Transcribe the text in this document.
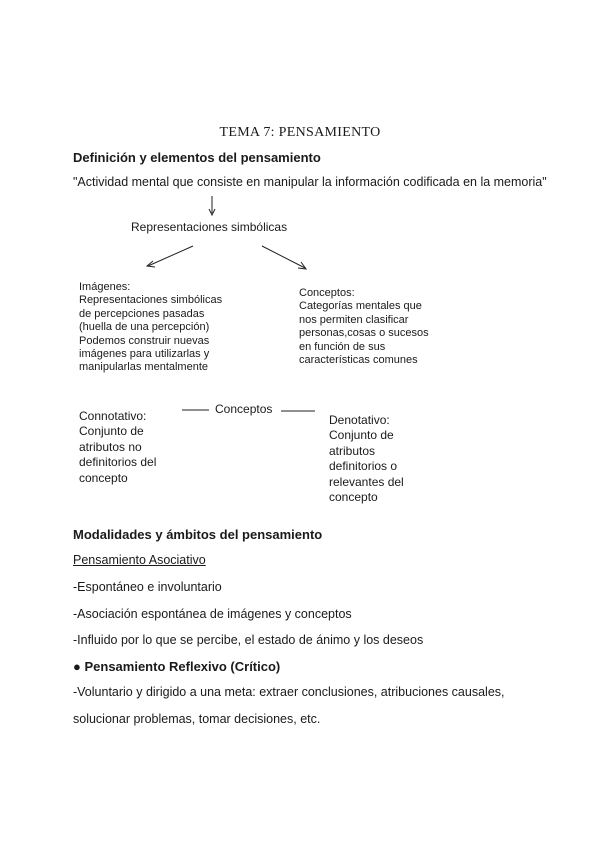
TEMA 7: PENSAMIENTO
Definición y elementos del pensamiento
"Actividad mental que consiste en manipular la información codificada en la memoria"
Representaciones simbólicas
Imágenes:
Representaciones simbólicas
de percepciones pasadas
(huella de una percepción)
Podemos construir nuevas
imágenes para utilizarlas y
manipularlas mentalmente
Conceptos:
Categorías mentales que
nos permiten clasificar
personas,cosas o sucesos
en función de sus
características comunes
Conceptos
Connotativo:
Conjunto de
atributos no
definitorios del
concepto
Denotativo:
Conjunto de
atributos
definitorios o
relevantes del
concepto
Modalidades y ámbitos del pensamiento
Pensamiento Asociativo
-Espontáneo e involuntario
-Asociación espontánea de imágenes y conceptos
-Influido por lo que se percibe, el estado de ánimo y los deseos
● Pensamiento Reflexivo (Crítico)
-Voluntario y dirigido a una meta: extraer conclusiones, atribuciones causales,
solucionar problemas, tomar decisiones, etc.
